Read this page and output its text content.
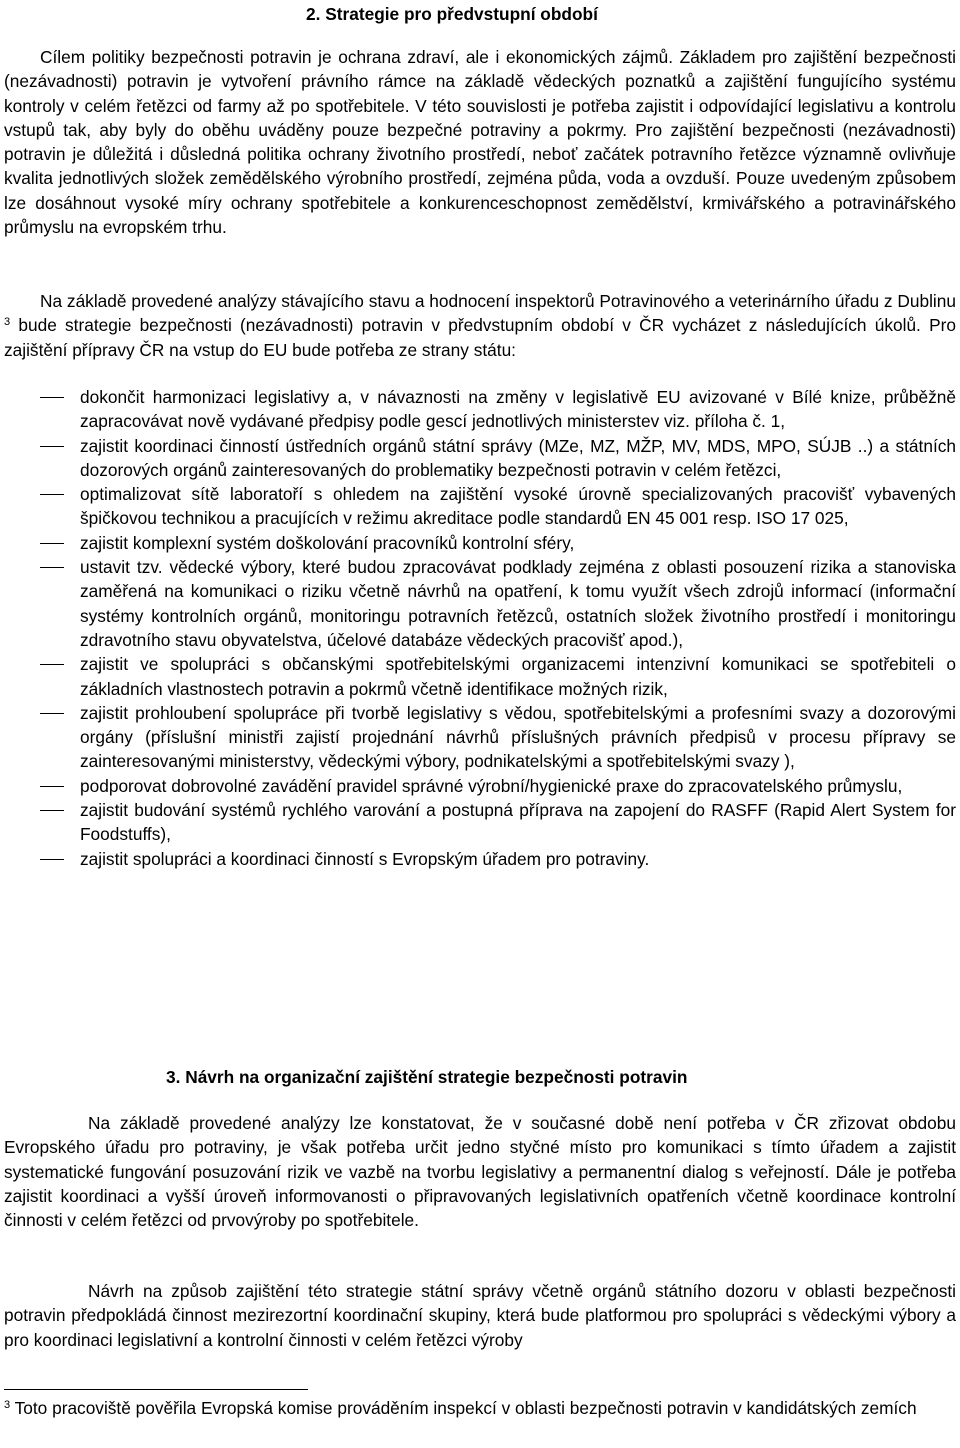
2. Strategie pro předvstupní období

Cílem politiky bezpečnosti potravin je ochrana zdraví, ale i ekonomických zájmů. Základem pro zajištění bezpečnosti (nezávadnosti) potravin je vytvoření právního rámce na základě vědeckých poznatků a zajištění fungujícího systému kontroly v celém řetězci od farmy až po spotřebitele. V této souvislosti je potřeba zajistit i odpovídající legislativu a kontrolu vstupů tak, aby byly do oběhu uváděny pouze bezpečné potraviny a pokrmy. Pro zajištění bezpečnosti (nezávadnosti) potravin je důležitá i důsledná politika ochrany životního prostředí, neboť začátek potravního řetězce významně ovlivňuje kvalita jednotlivých složek zemědělského výrobního prostředí, zejména půda, voda a ovzduší. Pouze uvedeným způsobem lze dosáhnout vysoké míry ochrany spotřebitele a konkurenceschopnost zemědělství, krmivářského a potravinářského průmyslu na evropském trhu.

Na základě provedené analýzy stávajícího stavu a hodnocení inspektorů Potravinového a veterinárního úřadu z Dublinu $^3$ bude strategie bezpečnosti (nezávadnosti) potravin v předvstupním období v ČR vycházet z následujících úkolů. Pro zajištění přípravy ČR na vstup do EU bude potřeba ze strany státu:

dokončit harmonizaci legislativy a, v návaznosti na změny v legislativě EU avizované v Bílé knize, průběžně zapracovávat nově vydávané předpisy podle gescí jednotlivých ministerstev viz. příloha č. 1,
zajistit koordinaci činností ústředních orgánů státní správy (MZe, MZ, MŽP, MV, MDS, MPO, SÚJB ..) a státních dozorových orgánů zainteresovaných do problematiky bezpečnosti potravin v celém řetězci,
optimalizovat sítě laboratoří s ohledem na zajištění vysoké úrovně specializovaných pracovišť vybavených špičkovou technikou a pracujících v režimu akreditace podle standardů EN 45 001 resp. ISO 17 025,
zajistit komplexní systém doškolování pracovníků kontrolní sféry,
ustavit tzv. vědecké výbory, které budou zpracovávat podklady zejména z oblasti posouzení rizika a stanoviska zaměřená na komunikaci o riziku včetně návrhů na opatření, k tomu využít všech zdrojů informací (informační systémy kontrolních orgánů, monitoringu potravních řetězců, ostatních složek životního prostředí i monitoringu zdravotního stavu obyvatelstva, účelové databáze vědeckých pracovišť apod.),
zajistit ve spolupráci s občanskými spotřebitelskými organizacemi intenzivní komunikaci se spotřebiteli o základních vlastnostech potravin a pokrmů včetně identifikace možných rizik,
zajistit prohloubení spolupráce při tvorbě legislativy s vědou, spotřebitelskými a profesními svazy a dozorovými orgány (příslušní ministři zajistí projednání návrhů příslušných právních předpisů v procesu přípravy se zainteresovanými ministerstvy, vědeckými výbory, podnikatelskými a spotřebitelskými svazy ),
podporovat dobrovolné zavádění pravidel správné výrobní/hygienické praxe do zpracovatelského průmyslu,
zajistit budování systémů rychlého varování a postupná příprava na zapojení do RASFF (Rapid Alert System for Foodstuffs),
zajistit spolupráci a koordinaci činností s Evropským úřadem pro potraviny.
3. Návrh na organizační zajištění strategie bezpečnosti potravin

Na základě provedené analýzy lze konstatovat, že v současné době není potřeba v ČR zřizovat obdobu Evropského úřadu pro potraviny, je však potřeba určit jedno styčné místo pro komunikaci s tímto úřadem a zajistit systematické fungování posuzování rizik ve vazbě na tvorbu legislativy a permanentní dialog s veřejností. Dále je potřeba zajistit koordinaci a vyšší úroveň informovanosti o připravovaných legislativních opatřeních včetně koordinace kontrolní činnosti v celém řetězci od prvovýroby po spotřebitele.

Návrh na způsob zajištění této strategie státní správy včetně orgánů státního dozoru v oblasti bezpečnosti potravin předpokládá činnost mezirezortní koordinační skupiny, která bude platformou pro spolupráci s vědeckými výbory a pro koordinaci legislativní a kontrolní činnosti v celém řetězci výroby

$^3$ Toto pracoviště pověřila Evropská komise prováděním inspekcí v oblasti bezpečnosti potravin v kandidátských zemích
